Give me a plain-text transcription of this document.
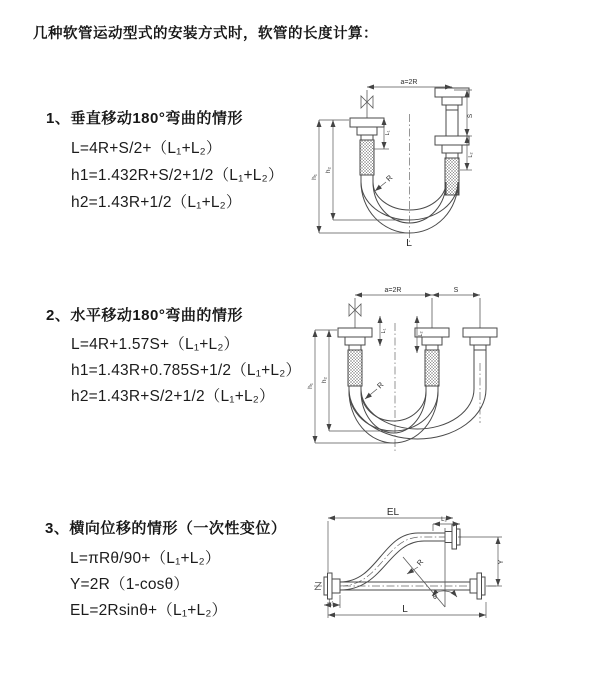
几种软管运动型式的安装方式时，软管的长度计算：
1、垂直移动180°弯曲的情形
L=4R+S/2+（L₁+L₂）
h1=1.432R+S/2+1/2（L₁+L₂）
h2=1.43R+1/2（L₁+L₂）
2、水平移动180°弯曲的情形
L=4R+1.57S+（L₁+L₂）
h1=1.43R+0.785S+1/2（L₁+L₂）
h2=1.43R+S/2+1/2（L₁+L₂）
3、横向位移的情形（一次性变位）
L=πRθ/90+（L₁+L₂）
Y=2R（1-cosθ）
EL=2Rsinθ+（L₁+L₂）
a=2R
h₁
h₂
L₁
S
L₂
R
L
a=2R	S
h₁
h₂
L₁
L₂
R
EL
L₂
Y
L
L₁
R
θ
